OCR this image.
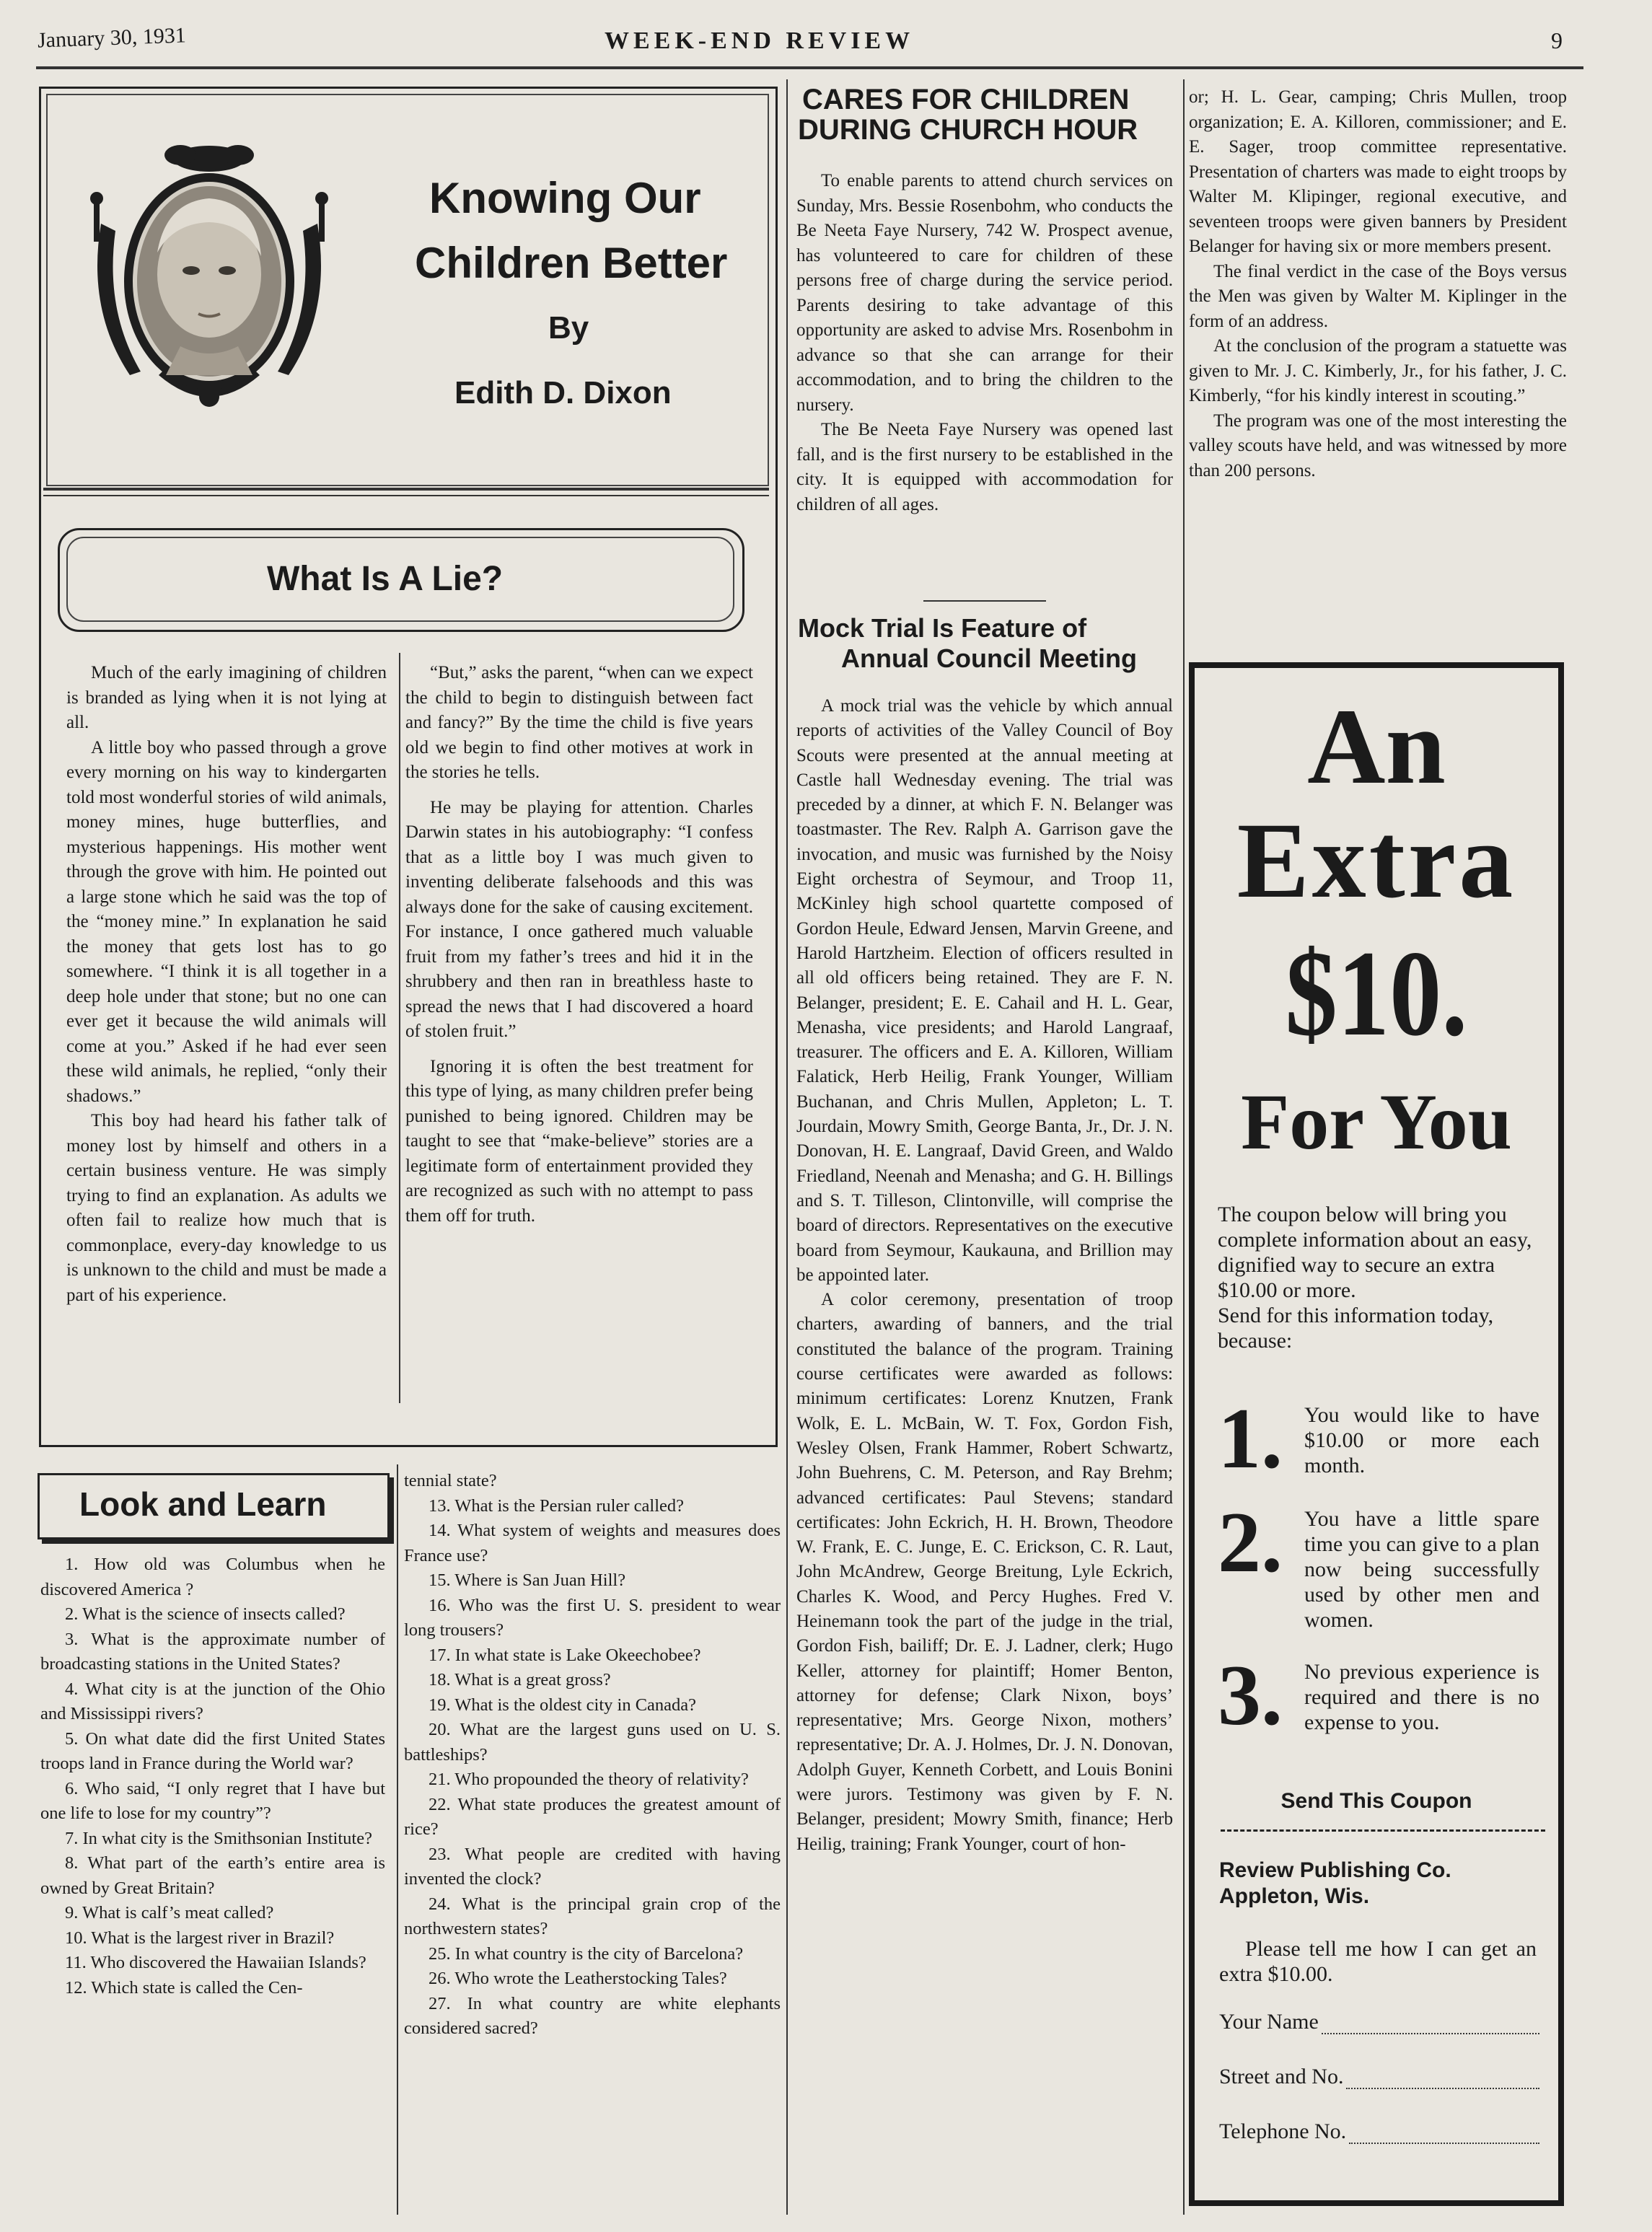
January 30, 1931	WEEK-END REVIEW	9
Knowing Our
Children Better
By
Edith D. Dixon
What Is A Lie?

Much of the early imagining of children is branded as lying when it is not lying at all.

A little boy who passed through a grove every morning on his way to kindergarten told most wonderful stories of wild animals, money mines, huge butterflies, and mysterious happenings. His mother went through the grove with him. He pointed out a large stone which he said was the top of the “money mine.” In explanation he said the money that gets lost has to go somewhere. “I think it is all together in a deep hole under that stone; but no one can ever get it because the wild animals will come at you.” Asked if he had ever seen these wild animals, he replied, “only their shadows.”

This boy had heard his father talk of money lost by himself and others in a certain business venture. He was simply trying to find an explanation. As adults we often fail to realize how much that is commonplace, every-day knowledge to us is unknown to the child and must be made a part of his experience.

“But,” asks the parent, “when can we expect the child to begin to distinguish between fact and fancy?” By the time the child is five years old we begin to find other motives at work in the stories he tells.

He may be playing for attention. Charles Darwin states in his autobiography: “I confess that as a little boy I was much given to inventing deliberate falsehoods and this was always done for the sake of causing excitement. For instance, I once gathered much valuable fruit from my father’s trees and hid it in the shrubbery and then ran in breathless haste to spread the news that I had discovered a hoard of stolen fruit.”

Ignoring it is often the best treatment for this type of lying, as many children prefer being punished to being ignored. Children may be taught to see that “make-believe” stories are a legitimate form of entertainment provided they are recognized as such with no attempt to pass them off for truth.

Look and Learn

1. How old was Columbus when he discovered America ?

2. What is the science of insects called?

3. What is the approximate number of broadcasting stations in the United States?

4. What city is at the junction of the Ohio and Mississippi rivers?

5. On what date did the first United States troops land in France during the World war?

6. Who said, “I only regret that I have but one life to lose for my country”?

7. In what city is the Smithsonian Institute?

8. What part of the earth’s entire area is owned by Great Britain?

9. What is calf’s meat called?

10. What is the largest river in Brazil?

11. Who discovered the Hawaiian Islands?

12. Which state is called the Cen-

tennial state?

13. What is the Persian ruler called?

14. What system of weights and measures does France use?

15. Where is San Juan Hill?

16. Who was the first U. S. president to wear long trousers?

17. In what state is Lake Okeechobee?

18. What is a great gross?

19. What is the oldest city in Canada?

20. What are the largest guns used on U. S. battleships?

21. Who propounded the theory of relativity?

22. What state produces the greatest amount of rice?

23. What people are credited with having invented the clock?

24. What is the principal grain crop of the northwestern states?

25. In what country is the city of Barcelona?

26. Who wrote the Leatherstocking Tales?

27. In what country are white elephants considered sacred?

CARES FOR CHILDREN
DURING CHURCH HOUR

To enable parents to attend church services on Sunday, Mrs. Bessie Rosenbohm, who conducts the Be Neeta Faye Nursery, 742 W. Prospect avenue, has volunteered to care for children of these persons free of charge during the service period. Parents desiring to take advantage of this opportunity are asked to advise Mrs. Rosenbohm in advance so that she can arrange for their accommodation, and to bring the children to the nursery.

The Be Neeta Faye Nursery was opened last fall, and is the first nursery to be established in the city. It is equipped with accommodation for children of all ages.

Mock Trial Is Feature of
Annual Council Meeting

A mock trial was the vehicle by which annual reports of activities of the Valley Council of Boy Scouts were presented at the annual meeting at Castle hall Wednesday evening. The trial was preceded by a dinner, at which F. N. Belanger was toastmaster. The Rev. Ralph A. Garrison gave the invocation, and music was furnished by the Noisy Eight orchestra of Seymour, and Troop 11, McKinley high school quartette composed of Gordon Heule, Edward Jensen, Marvin Greene, and Harold Hartzheim. Election of officers resulted in all old officers being retained. They are F. N. Belanger, president; E. E. Cahail and H. L. Gear, Menasha, vice presidents; and Harold Langraaf, treasurer. The officers and E. A. Killoren, William Falatick, Herb Heilig, Frank Younger, William Buchanan, and Chris Mullen, Appleton; L. T. Jourdain, Mowry Smith, George Banta, Jr., Dr. J. N. Donovan, H. E. Langraaf, David Green, and Waldo Friedland, Neenah and Menasha; and G. H. Billings and S. T. Tilleson, Clintonville, will comprise the board of directors. Representatives on the executive board from Seymour, Kaukauna, and Brillion may be appointed later.

A color ceremony, presentation of troop charters, awarding of banners, and the trial constituted the balance of the program. Training course certificates were awarded as follows: minimum certificates: Lorenz Knutzen, Frank Wolk, E. L. McBain, W. T. Fox, Gordon Fish, Wesley Olsen, Frank Hammer, Robert Schwartz, John Buehrens, C. M. Peterson, and Ray Brehm; advanced certificates: Paul Stevens; standard certificates: John Eckrich, H. H. Brown, Theodore W. Frank, E. C. Junge, E. C. Erickson, C. R. Laut, John McAndrew, George Breitung, Lyle Eckrich, Charles K. Wood, and Percy Hughes. Fred V. Heinemann took the part of the judge in the trial, Gordon Fish, bailiff; Dr. E. J. Ladner, clerk; Hugo Keller, attorney for plaintiff; Homer Benton, attorney for defense; Clark Nixon, boys’ representative; Mrs. George Nixon, mothers’ representative; Dr. A. J. Holmes, Dr. J. N. Donovan, Adolph Guyer, Kenneth Corbett, and Louis Bonini were jurors. Testimony was given by F. N. Belanger, president; Mowry Smith, finance; Herb Heilig, training; Frank Younger, court of hon-

or; H. L. Gear, camping; Chris Mullen, troop organization; E. A. Killoren, commissioner; and E. E. Sager, troop committee representative. Presentation of charters was made to eight troops by Walter M. Klipinger, regional executive, and seventeen troops were given banners by President Belanger for having six or more members present.

The final verdict in the case of the Boys versus the Men was given by Walter M. Kiplinger in the form of an address.

At the conclusion of the program a statuette was given to Mr. J. C. Kimberly, Jr., for his father, J. C. Kimberly, “for his kindly interest in scouting.”

The program was one of the most interesting the valley scouts have held, and was witnessed by more than 200 persons.

An
Extra
$10.
For You
The coupon below will bring you complete information about an easy, dignified way to secure an extra $10.00 or more.
Send for this information today, because:
1. You would like to have $10.00 or more each month.
2. You have a little spare time you can give to a plan now being successfully used by other men and women.
3. No previous experience is required and there is no expense to you.
Send This Coupon
Review Publishing Co.
Appleton, Wis.
Please tell me how I can get an extra $10.00.
Your Name
Street and No.
Telephone No.
